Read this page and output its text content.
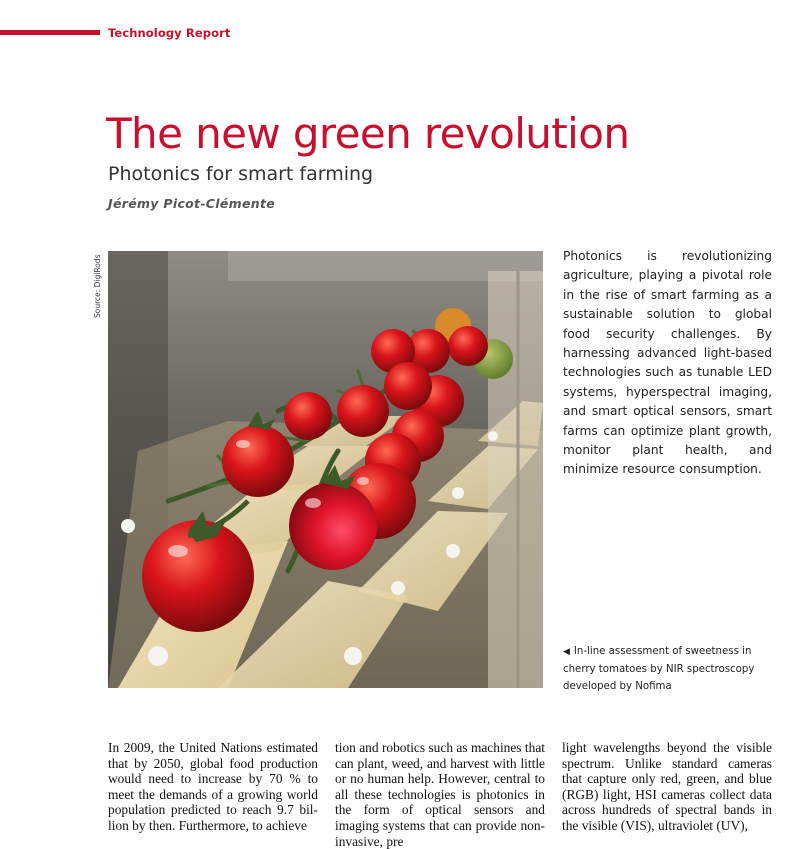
Technology Report
The new green revolution
Photonics for smart farming
Jérémy Picot-Clémente
Source: DigiRods	Photonics is revolutionizing agriculture, playing a pivotal role in the rise of smart farming as a sustainable solution to global food security challenges. By harnessing advanced light-based technologies such as tunable LED systems, hyperspectral imaging, and smart optical sensors, smart farms can optimize plant growth, monitor plant health, and minimize resource consumption.

◀ In-line assessment of sweetness in cherry tomatoes by NIR spectroscopy developed by Nofima

In 2009, the United Nations estimated that by 2050, global food production would need to increase by 70 % to meet the demands of a growing world population predicted to reach 9.7 billion by then. Furthermore, to achieve

tion and robotics such as machines that can plant, weed, and harvest with little or no human help. However, central to all these technologies is photonics in the form of optical sensors and imaging systems that can provide non-invasive, pre

light wavelengths beyond the visible spectrum. Unlike standard cameras that capture only red, green, and blue (RGB) light, HSI cameras collect data across hundreds of spectral bands in the visible (VIS), ultraviolet (UV),
